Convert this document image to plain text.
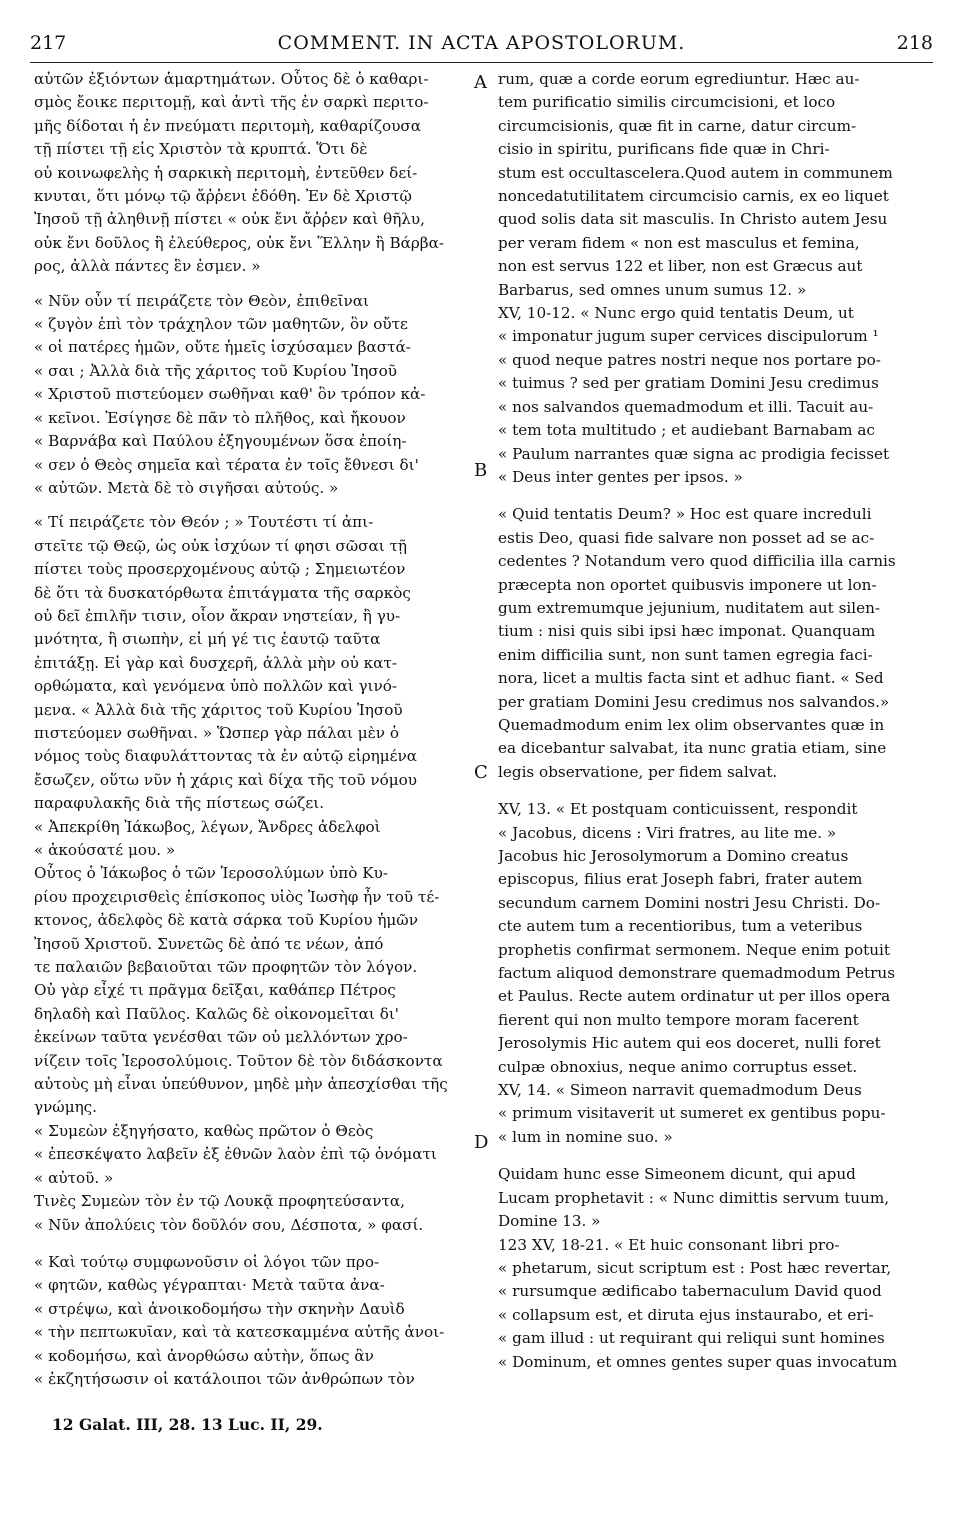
217	COMMENT. IN ACTA APOSTOLORUM.	218

αὐτῶν ἐξιόντων ἁμαρτημάτων. Οὗτος δὲ ὁ καθαρι-

σμὸς ἔοικε περιτομῇ, καὶ ἀντὶ τῆς ἐν σαρκὶ περιτο-

μῆς δίδοται ἡ ἐν πνεύματι περιτομὴ, καθαρίζουσα

τῇ πίστει τῇ εἰς Χριστὸν τὰ κρυπτά. Ὅτι δὲ

οὐ κοινωφελὴς ἡ σαρκικὴ περιτομὴ, ἐντεῦθεν δεί-

κνυται, ὅτι μόνῳ τῷ ἄῤῥενι ἐδόθη. Ἐν δὲ Χριστῷ

Ἰησοῦ τῇ ἀληθινῇ πίστει « οὐκ ἔνι ἄῤῥεν καὶ θῆλυ,

οὐκ ἔνι δοῦλος ἢ ἐλεύθερος, οὐκ ἔνι Ἕλλην ἢ Βάρβα-

ρος, ἀλλὰ πάντες ἓν ἐσμεν. »

« Νῦν οὖν τί πειράζετε τὸν Θεὸν, ἐπιθεῖναι

« ζυγὸν ἐπὶ τὸν τράχηλον τῶν μαθητῶν, ὃν οὔτε

« οἱ πατέρες ἡμῶν, οὔτε ἡμεῖς ἰσχύσαμεν βαστά-

« σαι ; Ἀλλὰ διὰ τῆς χάριτος τοῦ Κυρίου Ἰησοῦ

« Χριστοῦ πιστεύομεν σωθῆναι καθ' ὃν τρόπον κἀ-

« κεῖνοι. Ἐσίγησε δὲ πᾶν τὸ πλῆθος, καὶ ἤκουον

« Βαρνάβα καὶ Παύλου ἐξηγουμένων ὅσα ἐποίη-

« σεν ὁ Θεὸς σημεῖα καὶ τέρατα ἐν τοῖς ἔθνεσι δι'

« αὐτῶν. Μετὰ δὲ τὸ σιγῆσαι αὐτούς. »

« Τί πειράζετε τὸν Θεόν ; » Τουτέστι τί ἀπι-

στεῖτε τῷ Θεῷ, ὡς οὐκ ἰσχύων τί φησι σῶσαι τῇ

πίστει τοὺς προσερχομένους αὐτῷ ; Σημειωτέον

δὲ ὅτι τὰ δυσκατόρθωτα ἐπιτάγματα τῆς σαρκὸς

οὐ δεῖ ἐπιλῆν τισιν, οἷον ἄκραν νηστείαν, ἢ γυ-

μνότητα, ἢ σιωπὴν, εἰ μή γέ τις ἑαυτῷ ταῦτα

ἐπιτάξῃ. Εἰ γὰρ καὶ δυσχερῆ, ἀλλὰ μὴν οὐ κατ-

ορθώματα, καὶ γενόμενα ὑπὸ πολλῶν καὶ γινό-

μενα. « Ἀλλὰ διὰ τῆς χάριτος τοῦ Κυρίου Ἰησοῦ

πιστεύομεν σωθῆναι. » Ὥσπερ γὰρ πάλαι μὲν ὁ

νόμος τοὺς διαφυλάττοντας τὰ ἐν αὐτῷ εἰρημένα

ἔσωζεν, οὕτω νῦν ἡ χάρις καὶ δίχα τῆς τοῦ νόμου

παραφυλακῆς διὰ τῆς πίστεως σώζει.

« Ἀπεκρίθη Ἰάκωβος, λέγων, Ἄνδρες ἀδελφοὶ

« ἀκούσατέ μου. »

Οὗτος ὁ Ἰάκωβος ὁ τῶν Ἱεροσολύμων ὑπὸ Κυ-

ρίου προχειρισθεὶς ἐπίσκοπος υἱὸς Ἰωσὴφ ἦν τοῦ τέ-

κτονος, ἀδελφὸς δὲ κατὰ σάρκα τοῦ Κυρίου ἡμῶν

Ἰησοῦ Χριστοῦ. Συνετῶς δὲ ἀπό τε νέων, ἀπό

τε παλαιῶν βεβαιοῦται τῶν προφητῶν τὸν λόγον.

Οὐ γὰρ εἶχέ τι πρᾶγμα δεῖξαι, καθάπερ Πέτρος

δηλαδὴ καὶ Παῦλος. Καλῶς δὲ οἰκονομεῖται δι'

ἐκείνων ταῦτα γενέσθαι τῶν οὐ μελλόντων χρο-

νίζειν τοῖς Ἱεροσολύμοις. Τοῦτον δὲ τὸν διδάσκοντα

αὐτοὺς μὴ εἶναι ὑπεύθυνον, μηδὲ μὴν ἀπεσχίσθαι τῆς

γνώμης.

« Συμεὼν ἐξηγήσατο, καθὼς πρῶτον ὁ Θεὸς

« ἐπεσκέψατο λαβεῖν ἐξ ἐθνῶν λαὸν ἐπὶ τῷ ὀνόματι

« αὐτοῦ. »

Τινὲς Συμεὼν τὸν ἐν τῷ Λουκᾷ προφητεύσαντα,

« Νῦν ἀπολύεις τὸν δοῦλόν σου, Δέσποτα, » φασί.

« Καὶ τούτῳ συμφωνοῦσιν οἱ λόγοι τῶν προ-

« φητῶν, καθὼς γέγραπται· Μετὰ ταῦτα ἀνα-

« στρέψω, καὶ ἀνοικοδομήσω τὴν σκηνὴν Δαυὶδ

« τὴν πεπτωκυῖαν, καὶ τὰ κατεσκαμμένα αὐτῆς ἀνοι-

« κοδομήσω, καὶ ἀνορθώσω αὐτὴν, ὅπως ἂν

« ἐκζητήσωσιν οἱ κατάλοιποι τῶν ἀνθρώπων τὸν

rum, quæ a corde eorum egrediuntur. Hæc au-

tem purificatio similis circumcisioni, et loco

circumcisionis, quæ fit in carne, datur circum-

cisio in spiritu, purificans fide quæ in Chri-

stum est occultascelera.Quod autem in communem

noncedatutilitatem circumcisio carnis, ex eo liquet

quod solis data sit masculis. In Christo autem Jesu

per veram fidem « non est masculus et femina,

non est servus 122 et liber, non est Græcus aut

Barbarus, sed omnes unum sumus 12. »

XV, 10-12. « Nunc ergo quid tentatis Deum, ut

« imponatur jugum super cervices discipulorum ¹

« quod neque patres nostri neque nos portare po-

« tuimus ? sed per gratiam Domini Jesu credimus

« nos salvandos quemadmodum et illi. Tacuit au-

« tem tota multitudo ; et audiebant Barnabam ac

« Paulum narrantes quæ signa ac prodigia fecisset

« Deus inter gentes per ipsos. »

« Quid tentatis Deum? » Hoc est quare increduli

estis Deo, quasi fide salvare non posset ad se ac-

cedentes ? Notandum vero quod difficilia illa carnis

præcepta non oportet quibusvis imponere ut lon-

gum extremumque jejunium, nuditatem aut silen-

tium : nisi quis sibi ipsi hæc imponat. Quanquam

enim difficilia sunt, non sunt tamen egregia faci-

nora, licet a multis facta sint et adhuc fiant. « Sed

per gratiam Domini Jesu credimus nos salvandos.»

Quemadmodum enim lex olim observantes quæ in

ea dicebantur salvabat, ita nunc gratia etiam, sine

legis observatione, per fidem salvat.

XV, 13. « Et postquam conticuissent, respondit

« Jacobus, dicens : Viri fratres, au lite me. »

Jacobus hic Jerosolymorum a Domino creatus

episcopus, filius erat Joseph fabri, frater autem

secundum carnem Domini nostri Jesu Christi. Do-

cte autem tum a recentioribus, tum a veteribus

prophetis confirmat sermonem. Neque enim potuit

factum aliquod demonstrare quemadmodum Petrus

et Paulus. Recte autem ordinatur ut per illos opera

fierent qui non multo tempore moram facerent

Jerosolymis Hic autem qui eos doceret, nulli foret

culpæ obnoxius, neque animo corruptus esset.

XV, 14. « Simeon narravit quemadmodum Deus

« primum visitaverit ut sumeret ex gentibus popu-

« lum in nomine suo. »

Quidam hunc esse Simeonem dicunt, qui apud

Lucam prophetavit : « Nunc dimittis servum tuum,

Domine 13. »

123 XV, 18-21. « Et huic consonant libri pro-

« phetarum, sicut scriptum est : Post hæc revertar,

« rursumque ædificabo tabernaculum David quod

« collapsum est, et diruta ejus instaurabo, et eri-

« gam illud : ut requirant qui reliqui sunt homines

« Dominum, et omnes gentes super quas invocatum

A
B
C
D
12 Galat. III, 28. 13 Luc. II, 29.
